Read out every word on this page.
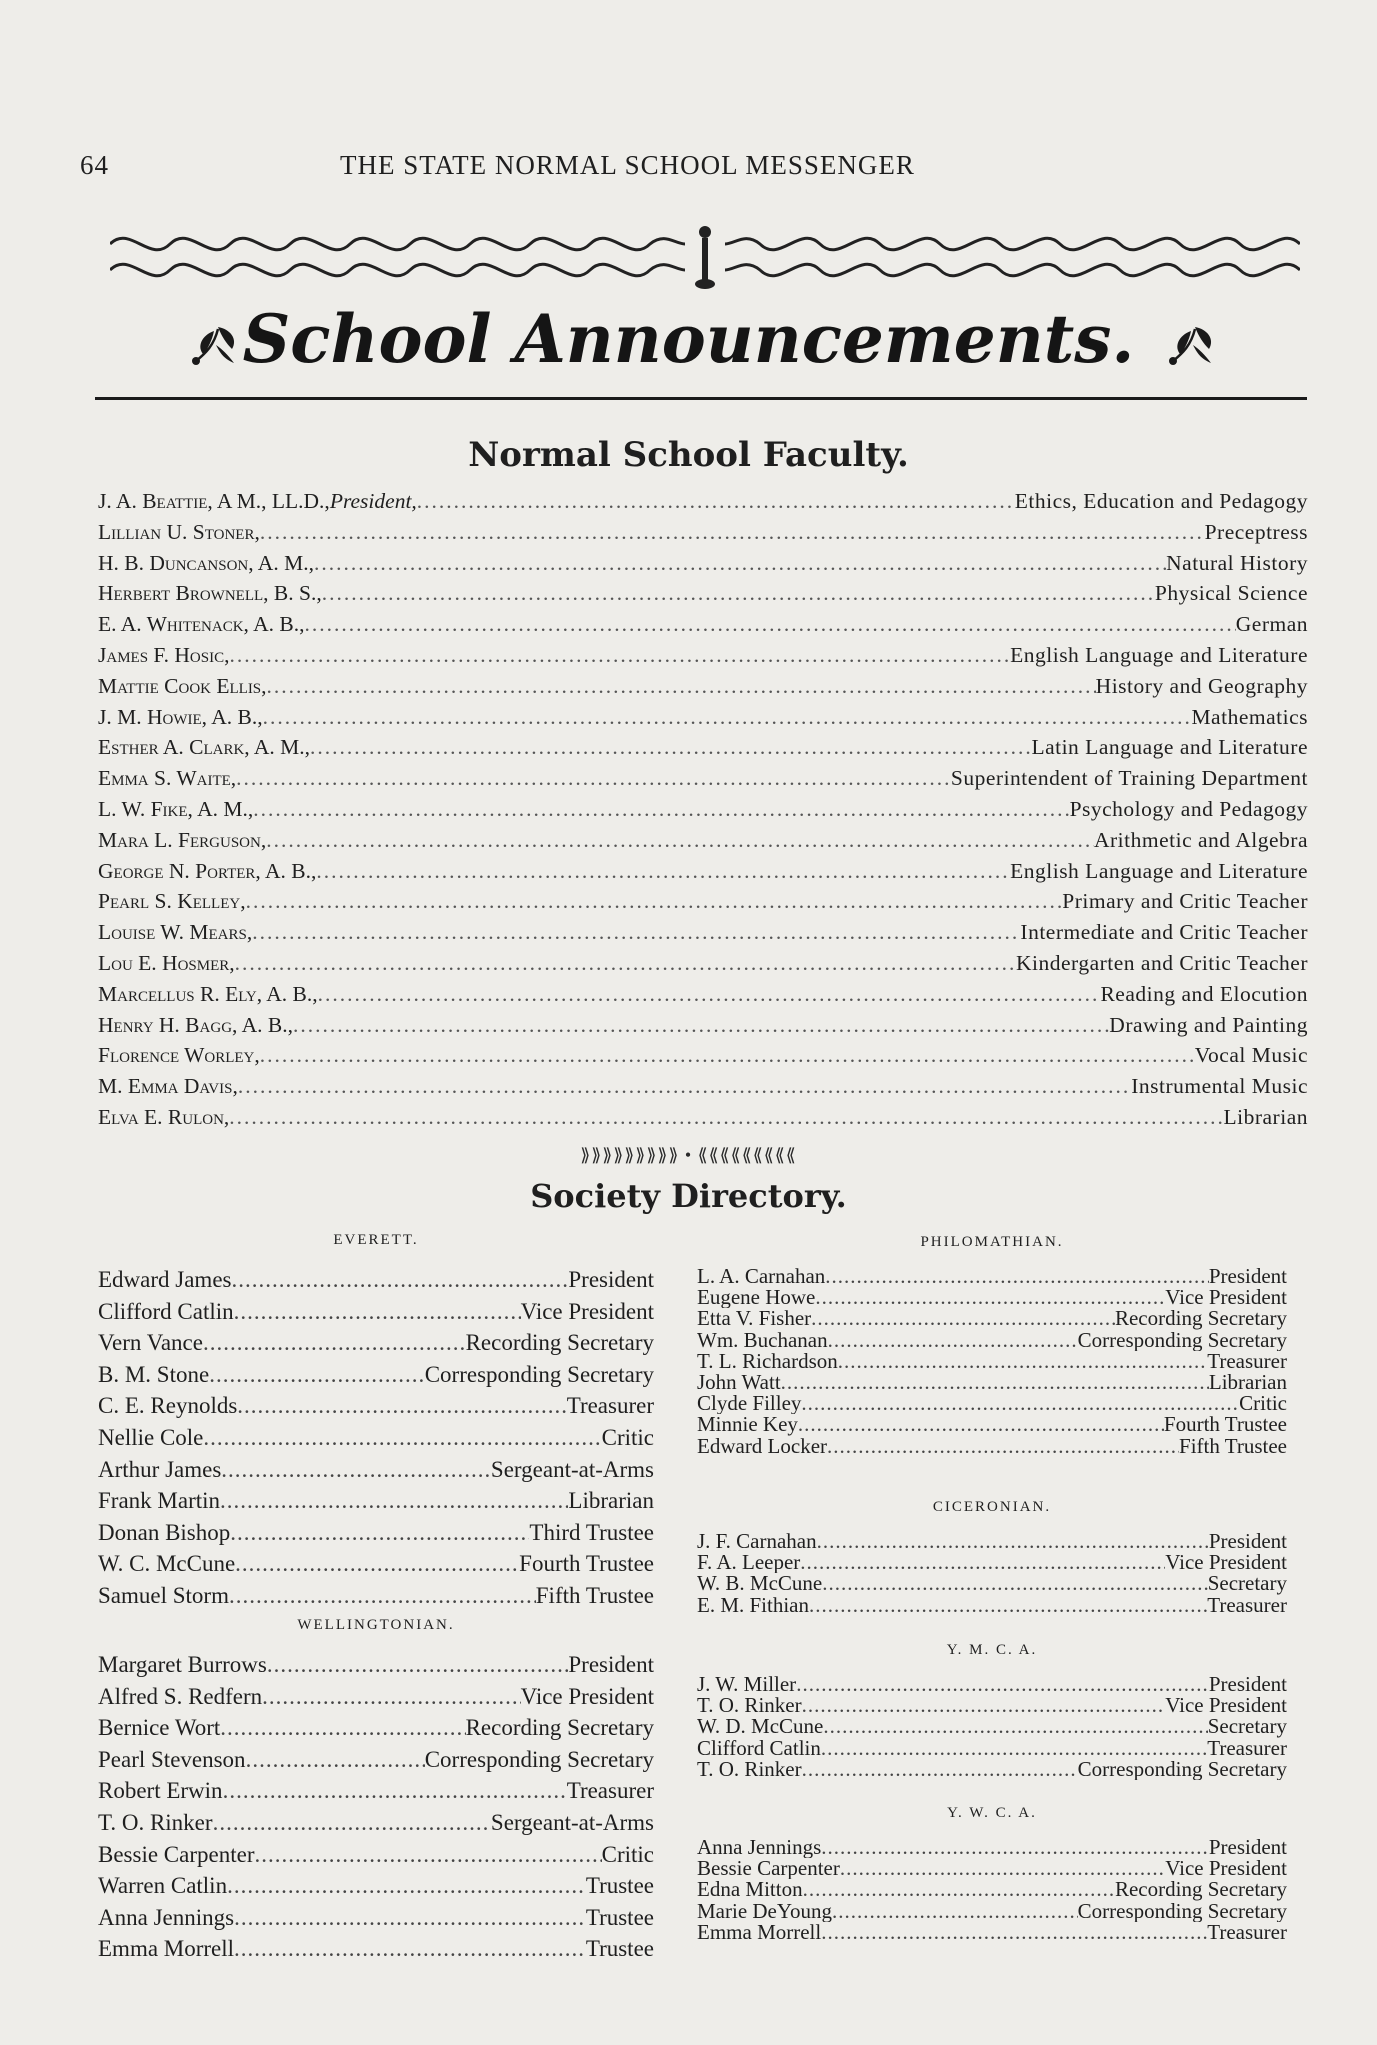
64	THE STATE NORMAL SCHOOL MESSENGER
School Announcements.
Normal School Faculty.
J. A. Beattie, A M., LL.D., President, .....	Ethics, Education and Pedagogy
Lillian U. Stoner, .....	Preceptress
H. B. Duncanson, A. M., .....	Natural History
Herbert Brownell, B. S., .....	Physical Science
E. A. Whitenack, A. B., .....	German
James F. Hosic, .....	English Language and Literature
Mattie Cook Ellis, .....	History and Geography
J. M. Howie, A. B., .....	Mathematics
Esther A. Clark, A. M., .....	Latin Language and Literature
Emma S. Waite, .....	Superintendent of Training Department
L. W. Fike, A. M., .....	Psychology and Pedagogy
Mara L. Ferguson, .....	Arithmetic and Algebra
George N. Porter, A. B., .....	English Language and Literature
Pearl S. Kelley, .....	Primary and Critic Teacher
Louise W. Mears, .....	Intermediate and Critic Teacher
Lou E. Hosmer, .....	Kindergarten and Critic Teacher
Marcellus R. Ely, A. B., .....	Reading and Elocution
Henry H. Bagg, A. B., .....	Drawing and Painting
Florence Worley, .....	Vocal Music
M. Emma Davis, .....	Instrumental Music
Elva E. Rulon, .....	Librarian
⟫⟫⟫⟫⟫⟫⟫⟫⟫ • ⟪⟪⟪⟪⟪⟪⟪⟪⟪
Society Directory.
EVERETT.
Edward James .....	President
Clifford Catlin .....	Vice President
Vern Vance .....	Recording Secretary
B. M. Stone .....	Corresponding Secretary
C. E. Reynolds .....	Treasurer
Nellie Cole .....	Critic
Arthur James .....	Sergeant-at-Arms
Frank Martin .....	Librarian
Donan Bishop .....	Third Trustee
W. C. McCune .....	Fourth Trustee
Samuel Storm .....	Fifth Trustee
WELLINGTONIAN.
Margaret Burrows .....	President
Alfred S. Redfern .....	Vice President
Bernice Wort .....	Recording Secretary
Pearl Stevenson .....	Corresponding Secretary
Robert Erwin .....	Treasurer
T. O. Rinker .....	Sergeant-at-Arms
Bessie Carpenter .....	Critic
Warren Catlin .....	Trustee
Anna Jennings .....	Trustee
Emma Morrell .....	Trustee
PHILOMATHIAN.
L. A. Carnahan .....	President
Eugene Howe .....	Vice President
Etta V. Fisher .....	Recording Secretary
Wm. Buchanan .....	Corresponding Secretary
T. L. Richardson .....	Treasurer
John Watt .....	Librarian
Clyde Filley .....	Critic
Minnie Key .....	Fourth Trustee
Edward Locker .....	Fifth Trustee
CICERONIAN.
J. F. Carnahan .....	President
F. A. Leeper .....	Vice President
W. B. McCune .....	Secretary
E. M. Fithian .....	Treasurer
Y. M. C. A.
J. W. Miller .....	President
T. O. Rinker .....	Vice President
W. D. McCune .....	Secretary
Clifford Catlin .....	Treasurer
T. O. Rinker .....	Corresponding Secretary
Y. W. C. A.
Anna Jennings .....	President
Bessie Carpenter .....	Vice President
Edna Mitton .....	Recording Secretary
Marie DeYoung .....	Corresponding Secretary
Emma Morrell .....	Treasurer
